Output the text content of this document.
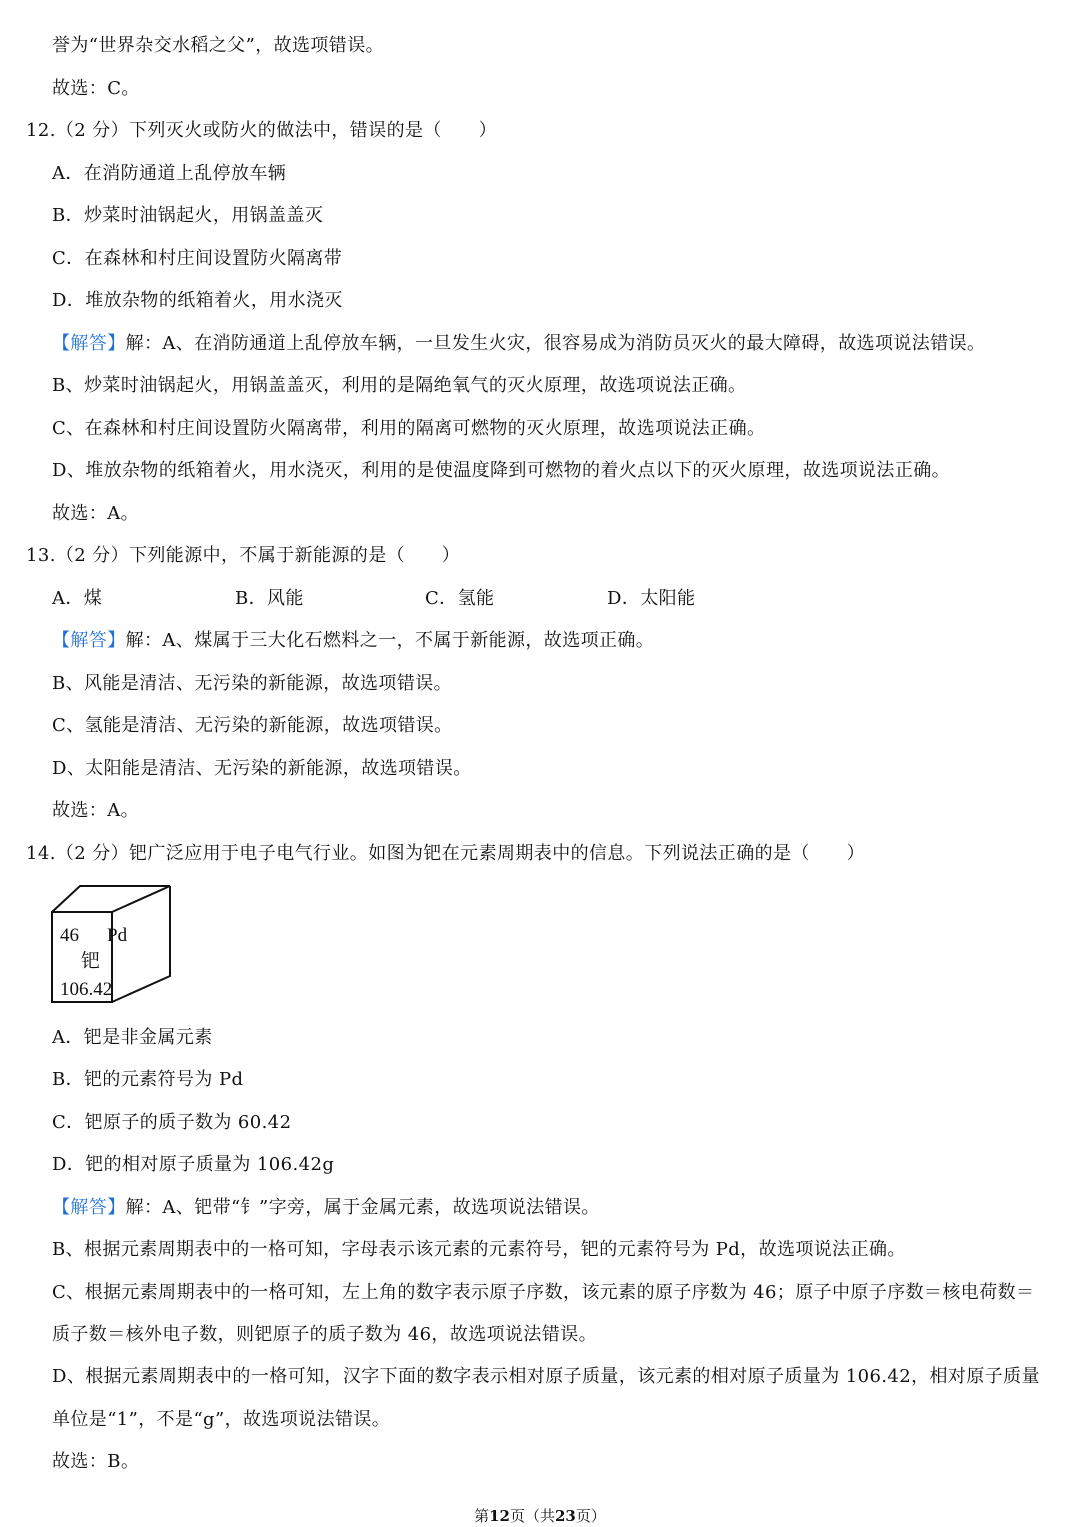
誉为“世界杂交水稻之父”，故选项错误。
故选：C。
12.（2 分）下列灭火或防火的做法中，错误的是（　　）
A．在消防通道上乱停放车辆
B．炒菜时油锅起火，用锅盖盖灭
C．在森林和村庄间设置防火隔离带
D．堆放杂物的纸箱着火，用水浇灭
【解答】解：A、在消防通道上乱停放车辆，一旦发生火灾，很容易成为消防员灭火的最大障碍，故选项说法错误。
B、炒菜时油锅起火，用锅盖盖灭，利用的是隔绝氧气的灭火原理，故选项说法正确。
C、在森林和村庄间设置防火隔离带，利用的隔离可燃物的灭火原理，故选项说法正确。
D、堆放杂物的纸箱着火，用水浇灭，利用的是使温度降到可燃物的着火点以下的灭火原理，故选项说法正确。
故选：A。
13.（2 分）下列能源中，不属于新能源的是（　　）
A．煤	B．风能	C．氢能	D．太阳能
【解答】解：A、煤属于三大化石燃料之一，不属于新能源，故选项正确。
B、风能是清洁、无污染的新能源，故选项错误。
C、氢能是清洁、无污染的新能源，故选项错误。
D、太阳能是清洁、无污染的新能源，故选项错误。
故选：A。
14.（2 分）钯广泛应用于电子电气行业。如图为钯在元素周期表中的信息。下列说法正确的是（　　）
46 Pd
钯
106.42
A．钯是非金属元素
B．钯的元素符号为 Pd
C．钯原子的质子数为 60.42
D．钯的相对原子质量为 106.42g
【解答】解：A、钯带“钅”字旁，属于金属元素，故选项说法错误。
B、根据元素周期表中的一格可知，字母表示该元素的元素符号，钯的元素符号为 Pd，故选项说法正确。
C、根据元素周期表中的一格可知，左上角的数字表示原子序数，该元素的原子序数为 46；原子中原子序数＝核电荷数＝
质子数＝核外电子数，则钯原子的质子数为 46，故选项说法错误。
D、根据元素周期表中的一格可知，汉字下面的数字表示相对原子质量，该元素的相对原子质量为 106.42，相对原子质量
单位是“1”，不是“g”，故选项说法错误。
故选：B。
第12页（共23页）
